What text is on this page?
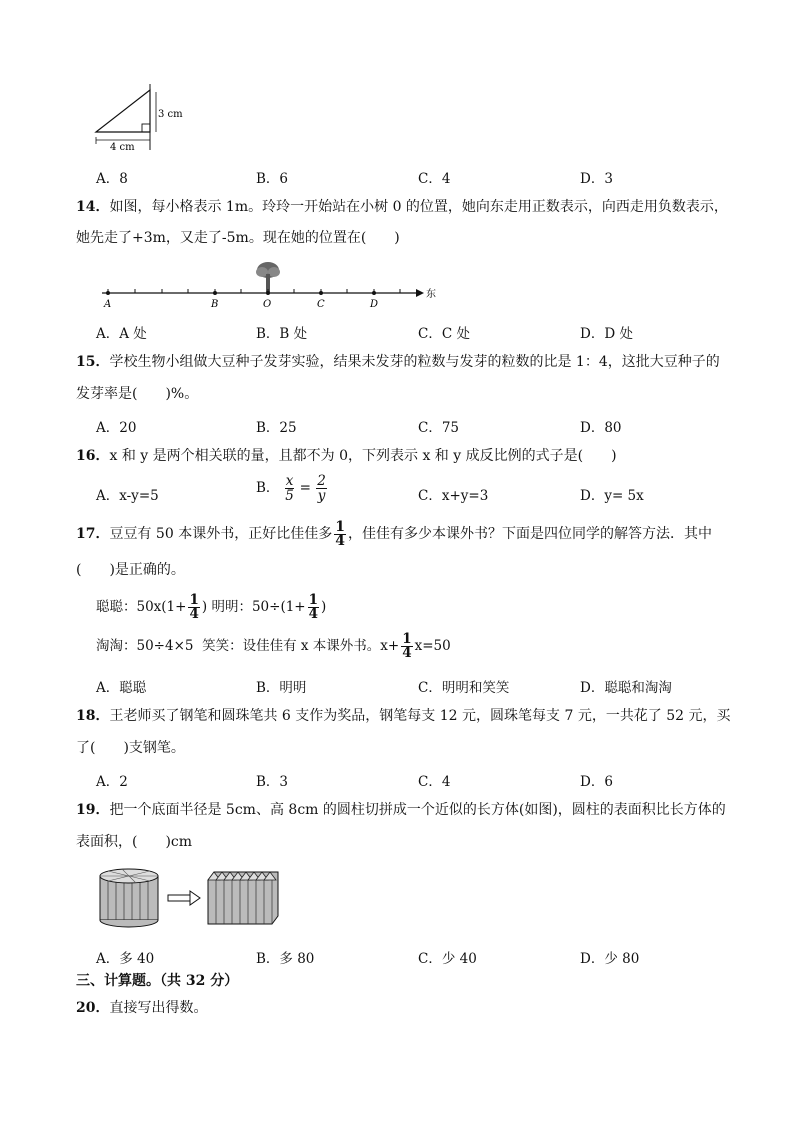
3 cm
4 cm
A．8	B．6	C．4	D．3
14．如图，每小格表示 1m。玲玲一开始站在小树 0 的位置，她向东走用正数表示，向西走用负数表示，
她先走了+3m，又走了-5m。现在她的位置在(　　)
A	B	O	C	D
东
A．A 处	B．B 处	C．C 处	D．D 处
15．学校生物小组做大豆种子发芽实验，结果未发芽的粒数与发芽的粒数的比是 1：4，这批大豆种子的
发芽率是(　　)%。
A．20	B．25	C．75	D．80
16．x 和 y 是两个相关联的量，且都不为 0，下列表示 x 和 y 成反比例的式子是(　　)
A．x-y=5	B． $\frac{x}{5} = \frac{2}{y}$	C．x+y=3	D．y= 5x
17．豆豆有 50 本课外书，正好比佳佳多 $\frac{1}{4}$ ，佳佳有多少本课外书？下面是四位同学的解答方法．其中
(　　)是正确的。
聪聪：$50x(1+ \frac{1}{4}$ ) 明明：$50\div(1+ \frac{1}{4}$ )
淘淘：50÷4×5 笑笑：设佳佳有 x 本课外书。$x+ \frac{1}{4} x=50$
A．聪聪	B．明明	C．明明和笑笑	D．聪聪和淘淘
18．王老师买了钢笔和圆珠笔共 6 支作为奖品，钢笔每支 12 元，圆珠笔每支 7 元，一共花了 52 元，买
了(　　)支钢笔。
A．2	B．3	C．4	D．6
19．把一个底面半径是 5cm、高 8cm 的圆柱切拼成一个近似的长方体(如图)，圆柱的表面积比长方体的
表面积，(　　)cm
A．多 40	B．多 80	C．少 40	D．少 80
三、计算题。（共 32 分）
20．直接写出得数。
